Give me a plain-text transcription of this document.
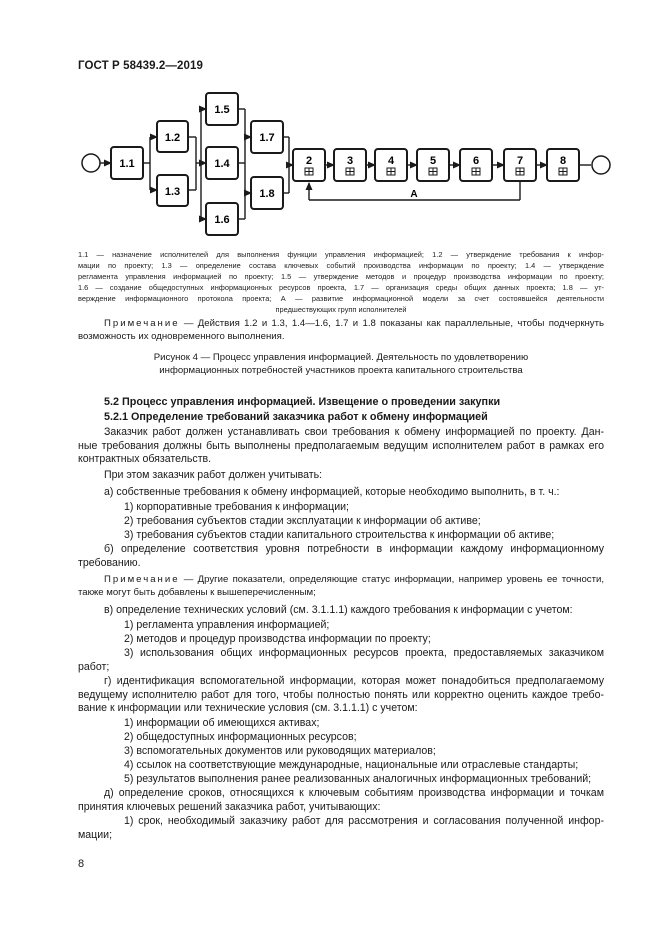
ГОСТ Р 58439.2—2019
1.1
1.2
1.3
1.4
1.5
1.6
1.7
1.8
2	3	4	5	6	7	8
А
1.1 — назначение исполнителей для выполнения функции управления информацией; 1.2 — утверждение требования к инфор-
мации по проекту; 1.3 — определение состава ключевых событий производства информации по проекту; 1.4 — утверждение
регламента управления информацией по проекту; 1.5 — утверждение методов и процедур производства информации по проекту;
1.6 — создание общедоступных информационных ресурсов проекта, 1.7 — организация среды общих данных проекта; 1.8 — ут-
верждение информационного протокола проекта; А — развитие информационной модели за счет состоявшейся деятельности
предшествующих групп исполнителей
Примечание — Действия 1.2 и 1.3, 1.4—1.6, 1.7 и 1.8 показаны как параллельные, чтобы подчеркнуть
возможность их одновременного выполнения.
Рисунок 4 — Процесс управления информацией. Деятельность по удовлетворению
информационных потребностей участников проекта капитального строительства
5.2 Процесс управления информацией. Извещение о проведении закупки
5.2.1 Определение требований заказчика работ к обмену информацией
Заказчик работ должен устанавливать свои требования к обмену информацией по проекту. Дан-
ные требования должны быть выполнены предполагаемым ведущим исполнителем работ в рамках его
контрактных обязательств.
При этом заказчик работ должен учитывать:
а) собственные требования к обмену информацией, которые необходимо выполнить, в т. ч.:
1) корпоративные требования к информации;
2) требования субъектов стадии эксплуатации к информации об активе;
3) требования субъектов стадии капитального строительства к информации об активе;
б) определение соответствия уровня потребности в информации каждому информационному
требованию.
Примечание — Другие показатели, определяющие статус информации, например уровень ее точности,
также могут быть добавлены к вышеперечисленным;
в) определение технических условий (см. 3.1.1.1) каждого требования к информации с учетом:
1) регламента управления информацией;
2) методов и процедур производства информации по проекту;
3) использования общих информационных ресурсов проекта, предоставляемых заказчиком
работ;
г) идентификация вспомогательной информации, которая может понадобиться предполагаемому
ведущему исполнителю работ для того, чтобы полностью понять или корректно оценить каждое требо-
вание к информации или технические условия (см. 3.1.1.1) с учетом:
1) информации об имеющихся активах;
2) общедоступных информационных ресурсов;
3) вспомогательных документов или руководящих материалов;
4) ссылок на соответствующие международные, национальные или отраслевые стандарты;
5) результатов выполнения ранее реализованных аналогичных информационных требований;
д) определение сроков, относящихся к ключевым событиям производства информации и точкам
принятия ключевых решений заказчика работ, учитывающих:
1) срок, необходимый заказчику работ для рассмотрения и согласования полученной инфор-
мации;
8
